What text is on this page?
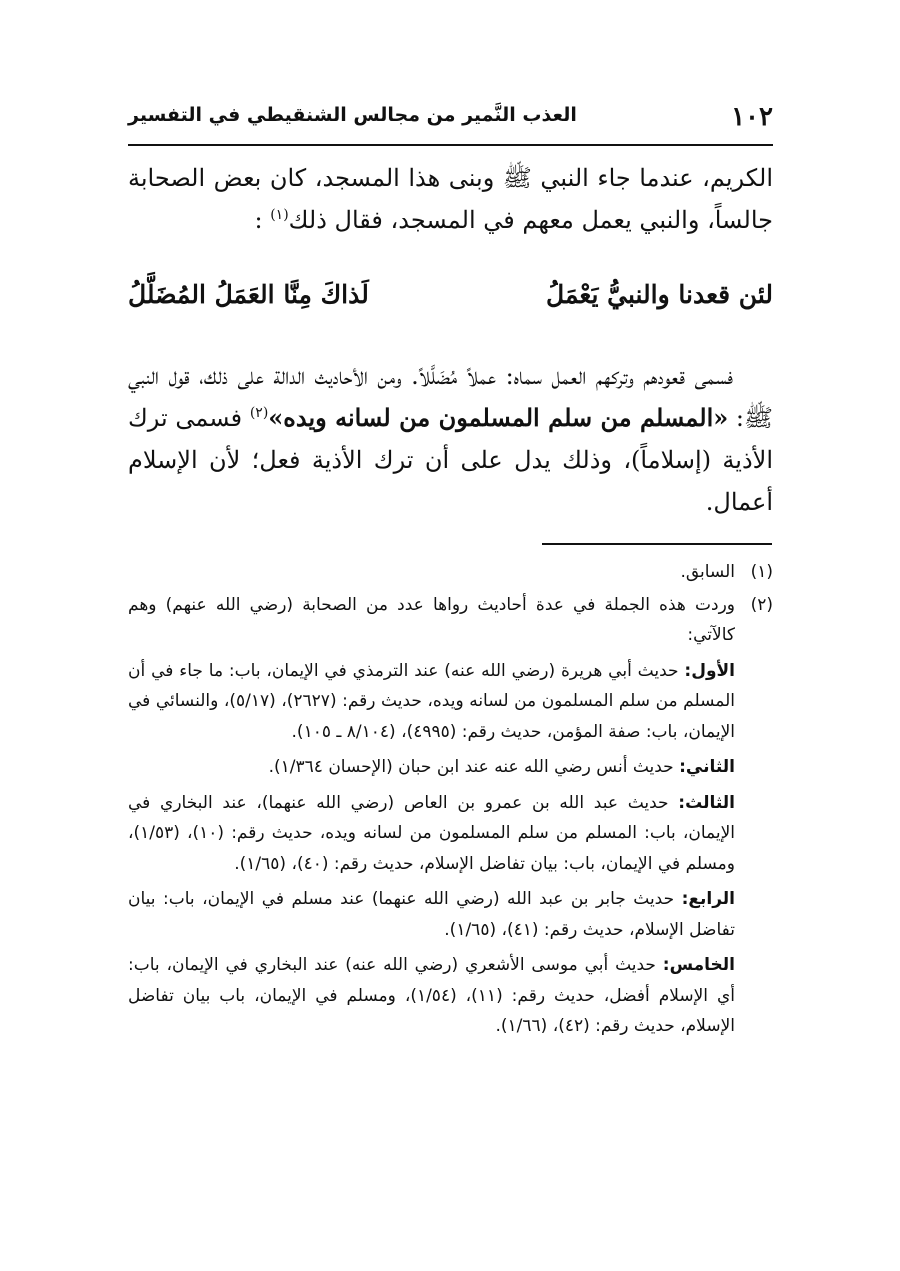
١٠٢
العذب النَّمير من مجالس الشنقيطي في التفسير

الكريم، عندما جاء النبي ﷺ وبنى هذا المسجد، كان بعض الصحابة جالساً، والنبي يعمل معهم في المسجد، فقال ذلك$^{(١)}$ :

لئن قعدنا والنبيُّ يَعْمَلُ
لَذاكَ مِنَّا العَمَلُ المُضَلَّلُ
فسمى قعودهم وتركهم العمل سماه: عملاً مُضَلَّلاً. ومن الأحاديث الدالة على ذلك، قول النبي ﷺ: «المسلم من سلم المسلمون من لسانه ويده»$^{(٢)}$ فسمى ترك الأذية (إسلاماً)، وذلك يدل على أن ترك الأذية فعل؛ لأن الإسلام أعمال.
(١)
السابق.
(٢)
وردت هذه الجملة في عدة أحاديث رواها عدد من الصحابة (رضي الله عنهم) وهم كالآتي:
الأول: حديث أبي هريرة (رضي الله عنه) عند الترمذي في الإيمان، باب: ما جاء في أن المسلم من سلم المسلمون من لسانه ويده، حديث رقم: (٢٦٢٧)، (٥/١٧)، والنسائي في الإيمان، باب: صفة المؤمن، حديث رقم: (٤٩٩٥)، (٨/١٠٤ ـ ١٠٥).
الثاني: حديث أنس رضي الله عنه عند ابن حبان (الإحسان ١/٣٦٤).
الثالث: حديث عبد الله بن عمرو بن العاص (رضي الله عنهما)، عند البخاري في الإيمان، باب: المسلم من سلم المسلمون من لسانه ويده، حديث رقم: (١٠)، (١/٥٣)، ومسلم في الإيمان، باب: بيان تفاضل الإسلام، حديث رقم: (٤٠)، (١/٦٥).
الرابع: حديث جابر بن عبد الله (رضي الله عنهما) عند مسلم في الإيمان، باب: بيان تفاضل الإسلام، حديث رقم: (٤١)، (١/٦٥).
الخامس: حديث أبي موسى الأشعري (رضي الله عنه) عند البخاري في الإيمان، باب: أي الإسلام أفضل، حديث رقم: (١١)، (١/٥٤)، ومسلم في الإيمان، باب بيان تفاضل الإسلام، حديث رقم: (٤٢)، (١/٦٦).
